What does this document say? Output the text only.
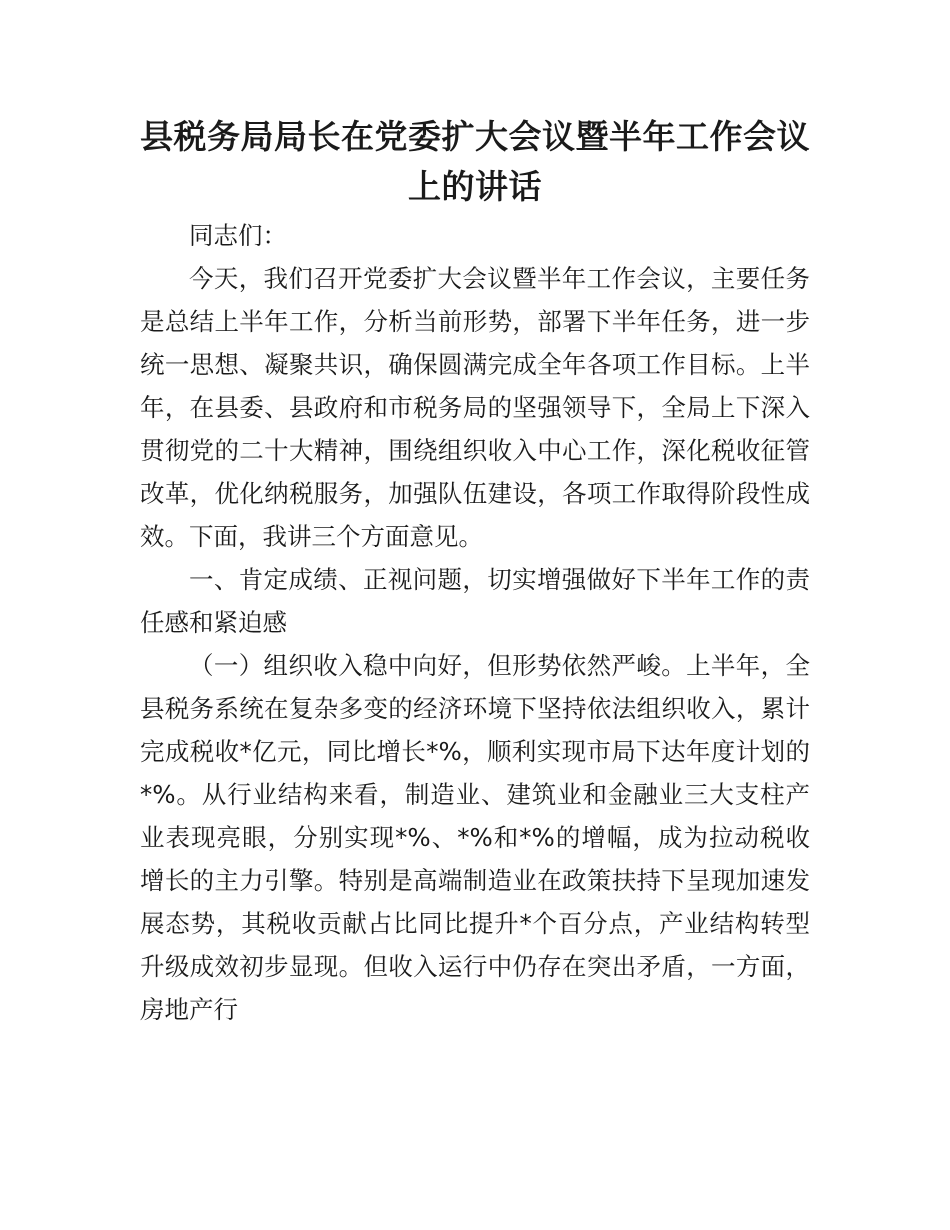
县税务局局长在党委扩大会议暨半年工作会议上的讲话

同志们：

今天，我们召开党委扩大会议暨半年工作会议，主要任务是总结上半年工作，分析当前形势，部署下半年任务，进一步统一思想、凝聚共识，确保圆满完成全年各项工作目标。上半年，在县委、县政府和市税务局的坚强领导下，全局上下深入贯彻党的二十大精神，围绕组织收入中心工作，深化税收征管改革，优化纳税服务，加强队伍建设，各项工作取得阶段性成效。下面，我讲三个方面意见。

一、肯定成绩、正视问题，切实增强做好下半年工作的责任感和紧迫感

（一）组织收入稳中向好，但形势依然严峻。上半年，全县税务系统在复杂多变的经济环境下坚持依法组织收入，累计完成税收*亿元，同比增长*%，顺利实现市局下达年度计划的*%。从行业结构来看，制造业、建筑业和金融业三大支柱产业表现亮眼，分别实现*%、*%和*%的增幅，成为拉动税收增长的主力引擎。特别是高端制造业在政策扶持下呈现加速发展态势，其税收贡献占比同比提升*个百分点，产业结构转型升级成效初步显现。但收入运行中仍存在突出矛盾，一方面，房地产行
